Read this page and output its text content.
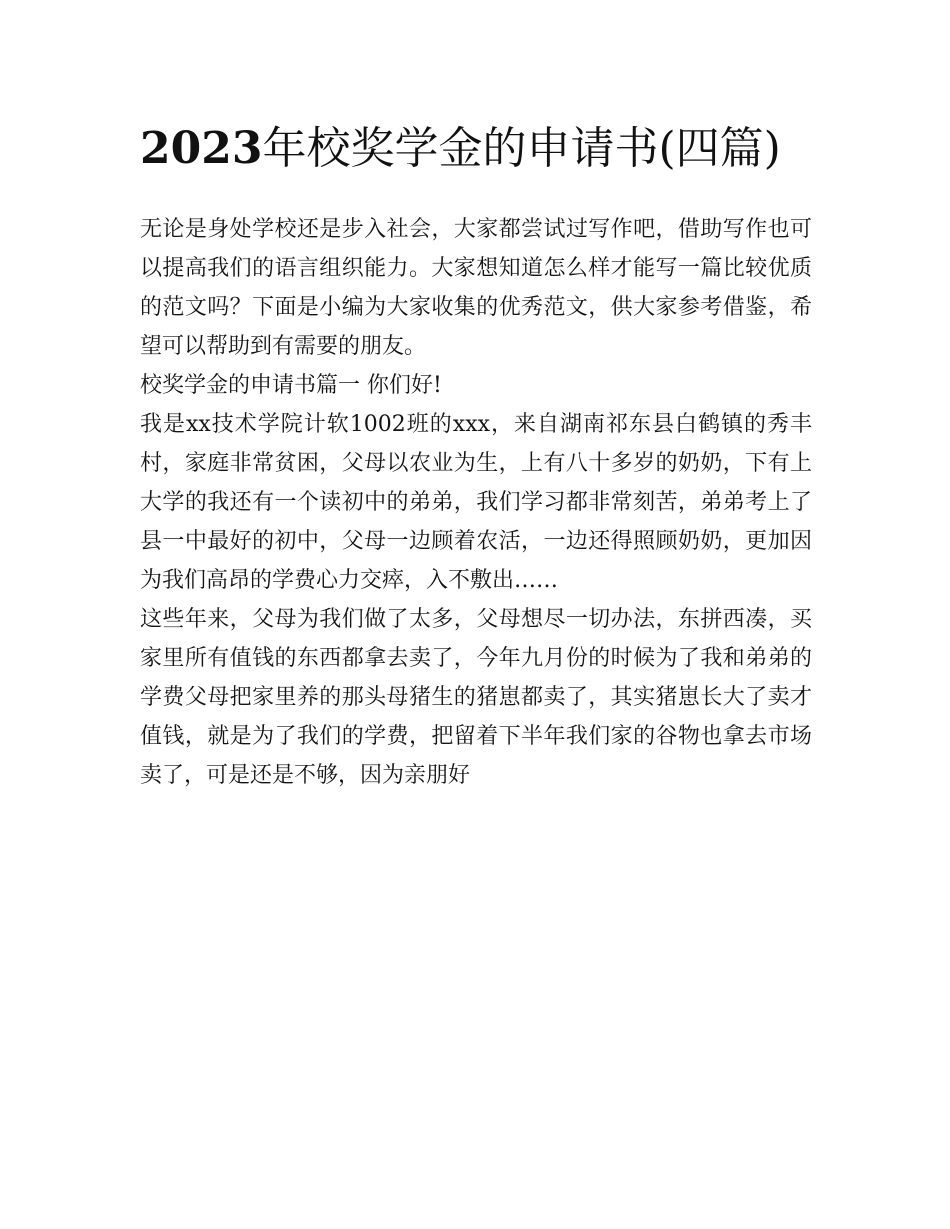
2023年校奖学金的申请书(四篇)

无论是身处学校还是步入社会，大家都尝试过写作吧，借助写作也可以提高我们的语言组织能力。大家想知道怎么样才能写一篇比较优质的范文吗？下面是小编为大家收集的优秀范文，供大家参考借鉴，希望可以帮助到有需要的朋友。

校奖学金的申请书篇一 你们好!

我是xx技术学院计软1002班的xxx，来自湖南祁东县白鹤镇的秀丰村，家庭非常贫困，父母以农业为生，上有八十多岁的奶奶，下有上大学的我还有一个读初中的弟弟，我们学习都非常刻苦，弟弟考上了县一中最好的初中，父母一边顾着农活，一边还得照顾奶奶，更加因为我们高昂的学费心力交瘁，入不敷出……

这些年来，父母为我们做了太多，父母想尽一切办法，东拼西凑，买家里所有值钱的东西都拿去卖了，今年九月份的时候为了我和弟弟的学费父母把家里养的那头母猪生的猪崽都卖了，其实猪崽长大了卖才值钱，就是为了我们的学费，把留着下半年我们家的谷物也拿去市场卖了，可是还是不够，因为亲朋好
